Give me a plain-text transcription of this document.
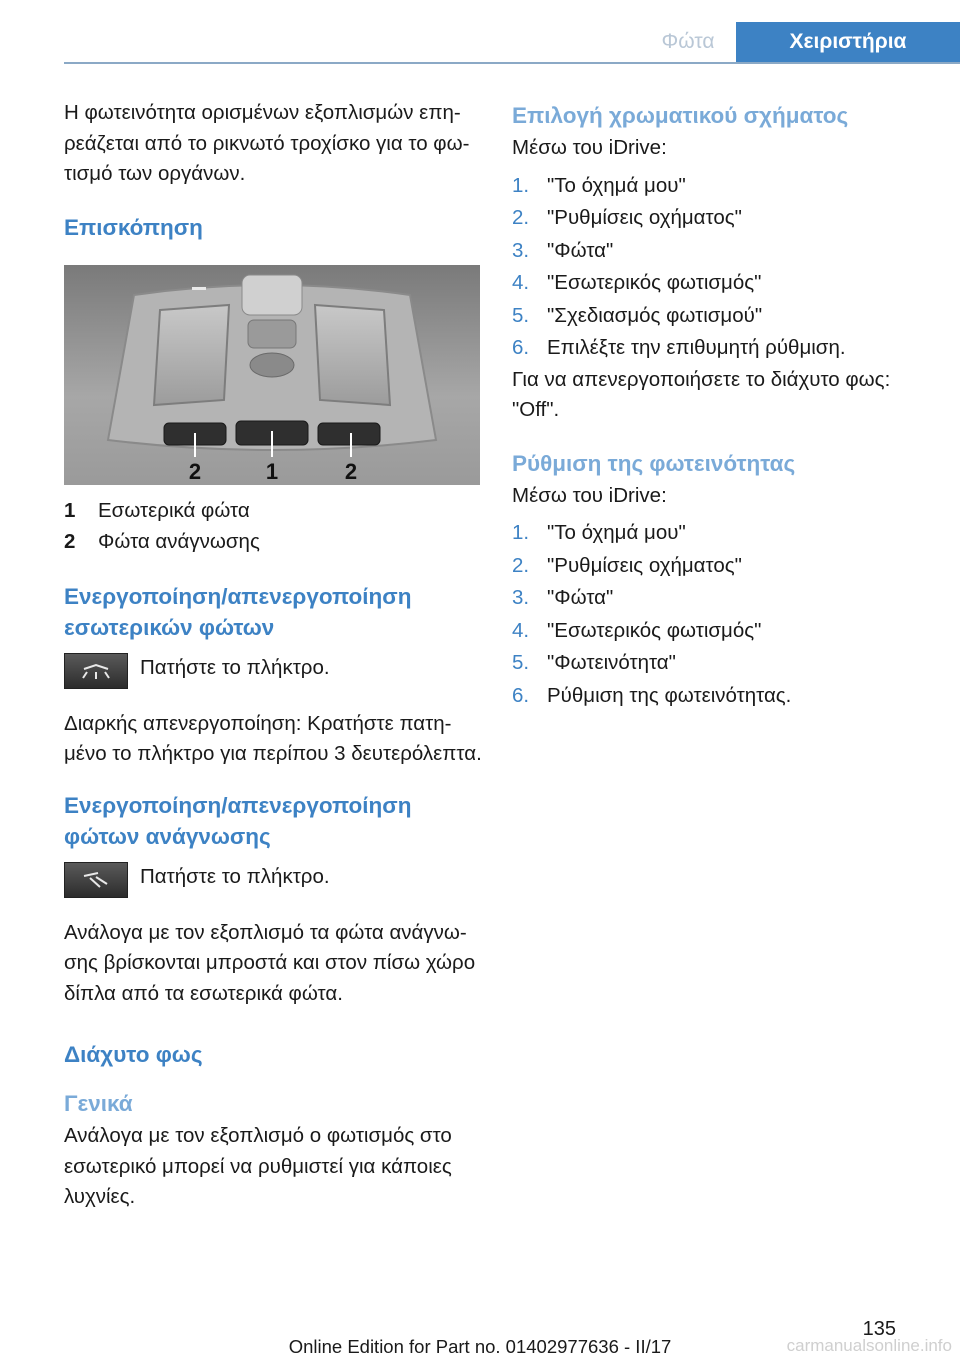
Φώτα	Χειριστήρια

Η φωτεινότητα ορισμένων εξοπλισμών επηρεάζεται από το ρικνωτό τροχίσκο για το φωτισμό των οργάνων.

Επισκόπηση
2	1	2
1	Εσωτερικά φώτα
2	Φώτα ανάγνωσης
Ενεργοποίηση/απενεργοποίηση εσωτερικών φώτων

Πατήστε το πλήκτρο.

Διαρκής απενεργοποίηση: Κρατήστε πατημένο το πλήκτρο για περίπου 3 δευτερόλεπτα.

Ενεργοποίηση/απενεργοποίηση φώτων ανάγνωσης

Πατήστε το πλήκτρο.

Ανάλογα με τον εξοπλισμό τα φώτα ανάγνωσης βρίσκονται μπροστά και στον πίσω χώρο δίπλα από τα εσωτερικά φώτα.

Διάχυτο φως
Γενικά

Ανάλογα με τον εξοπλισμό ο φωτισμός στο εσωτερικό μπορεί να ρυθμιστεί για κάποιες λυχνίες.

Επιλογή χρωματικού σχήματος

Μέσω του iDrive:

1. "Το όχημά μου"
2. "Ρυθμίσεις οχήματος"
3. "Φώτα"
4. "Εσωτερικός φωτισμός"
5. "Σχεδιασμός φωτισμού"
6. Επιλέξτε την επιθυμητή ρύθμιση.

Για να απενεργοποιήσετε το διάχυτο φως: "Off".

Ρύθμιση της φωτεινότητας

Μέσω του iDrive:

1. "Το όχημά μου"
2. "Ρυθμίσεις οχήματος"
3. "Φώτα"
4. "Εσωτερικός φωτισμός"
5. "Φωτεινότητα"
6. Ρύθμιση της φωτεινότητας.
135
Online Edition for Part no. 01402977636 - II/17	carmanualsonline.info
